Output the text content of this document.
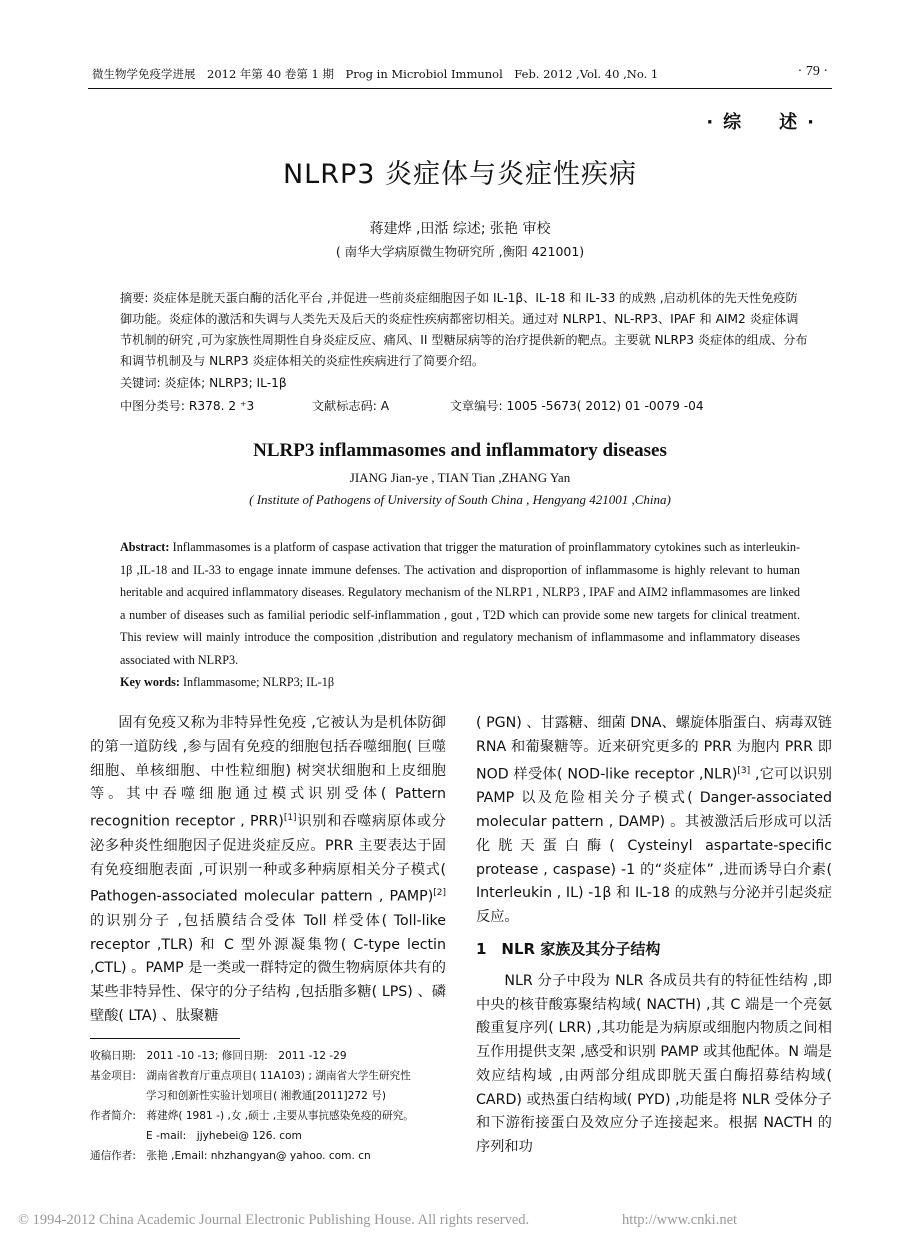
微生物学免疫学进展　2012 年第 40 卷第 1 期　Prog in Microbiol Immunol　Feb. 2012 ,Vol. 40 ,No. 1	· 79 ·
·综　述·
NLRP3 炎症体与炎症性疾病
蒋建烨 ,田湉 综述; 张艳 审校
( 南华大学病原微生物研究所 ,衡阳 421001)

摘要: 炎症体是胱天蛋白酶的活化平台 ,并促进一些前炎症细胞因子如 IL-1β、IL-18 和 IL-33 的成熟 ,启动机体的先天性免疫防御功能。炎症体的激活和失调与人类先天及后天的炎症性疾病都密切相关。通过对 NLRP1、NL-RP3、IPAF 和 AIM2 炎症体调节机制的研究 ,可为家族性周期性自身炎症反应、痛风、II 型糖尿病等的治疗提供新的靶点。主要就 NLRP3 炎症体的组成、分布和调节机制及与 NLRP3 炎症体相关的炎症性疾病进行了简要介绍。

关键词: 炎症体; NLRP3; IL-1β
中图分类号: R378. 2 ⁺3	文献标志码: A	文章编号: 1005 -5673( 2012) 01 -0079 -04
NLRP3 inflammasomes and inflammatory diseases
JIANG Jian-ye , TIAN Tian ,ZHANG Yan
( Institute of Pathogens of University of South China , Hengyang 421001 ,China)
Abstract: Inflammasomes is a platform of caspase activation that trigger the maturation of proinflammatory cytokines such as interleukin-1β ,IL-18 and IL-33 to engage innate immune defenses. The activation and disproportion of inflammasome is highly relevant to human heritable and acquired inflammatory diseases. Regulatory mechanism of the NLRP1 , NLRP3 , IPAF and AIM2 inflammasomes are linked a number of diseases such as familial periodic self-inflammation , gout , T2D which can provide some new targets for clinical treatment. This review will mainly introduce the composition ,distribution and regulatory mechanism of inflammasome and inflammatory diseases associated with NLRP3.
Key words: Inflammasome; NLRP3; IL-1β

固有免疫又称为非特异性免疫 ,它被认为是机体防御的第一道防线 ,参与固有免疫的细胞包括吞噬细胞( 巨噬细胞、单核细胞、中性粒细胞) 树突状细胞和上皮细胞等。其中吞噬细胞通过模式识别受体( Pattern recognition receptor , PRR)[1]识别和吞噬病原体或分泌多种炎性细胞因子促进炎症反应。PRR 主要表达于固有免疫细胞表面 ,可识别一种或多种病原相关分子模式( Pathogen-associated molecular pattern , PAMP)[2]的识别分子 ,包括膜结合受体 Toll 样受体( Toll-like receptor ,TLR) 和 C 型外源凝集物( C-type lectin ,CTL) 。PAMP 是一类或一群特定的微生物病原体共有的某些非特异性、保守的分子结构 ,包括脂多糖( LPS) 、磷壁酸( LTA) 、肽聚糖

( PGN) 、甘露糖、细菌 DNA、螺旋体脂蛋白、病毒双链 RNA 和葡聚糖等。近来研究更多的 PRR 为胞内 PRR 即 NOD 样受体( NOD-like receptor ,NLR)[3] ,它可以识别 PAMP 以及危险相关分子模式( Danger-associated molecular pattern , DAMP) 。其被激活后形成可以活化胱天蛋白酶( Cysteinyl aspartate-specific protease , caspase) -1 的“炎症体” ,进而诱导白介素( Interleukin , IL) -1β 和 IL-18 的成熟与分泌并引起炎症反应。

1　NLR 家族及其分子结构

NLR 分子中段为 NLR 各成员共有的特征性结构 ,即中央的核苷酸寡聚结构域( NACTH) ,其 C 端是一个亮氨酸重复序列( LRR) ,其功能是为病原或细胞内物质之间相互作用提供支架 ,感受和识别 PAMP 或其他配体。N 端是效应结构域 ,由两部分组成即胱天蛋白酶招募结构域( CARD) 或热蛋白结构域( PYD) ,功能是将 NLR 受体分子和下游衔接蛋白及效应分子连接起来。根据 NACTH 的序列和功

收稿日期:　2011 -10 -13; 修回日期:　2011 -12 -29
基金项目:　湖南省教育厅重点项目( 11A103) ; 湖南省大学生研究性
学习和创新性实验计划项目( 湘教通[2011]272 号)
作者简介:　蒋建烨( 1981 -) ,女 ,硕士 ,主要从事抗感染免疫的研究。
E -mail:　jjyhebei@ 126. com
通信作者:　张艳 ,Email: nhzhangyan@ yahoo. com. cn
© 1994-2012 China Academic Journal Electronic Publishing House. All rights reserved.	http://www.cnki.net
